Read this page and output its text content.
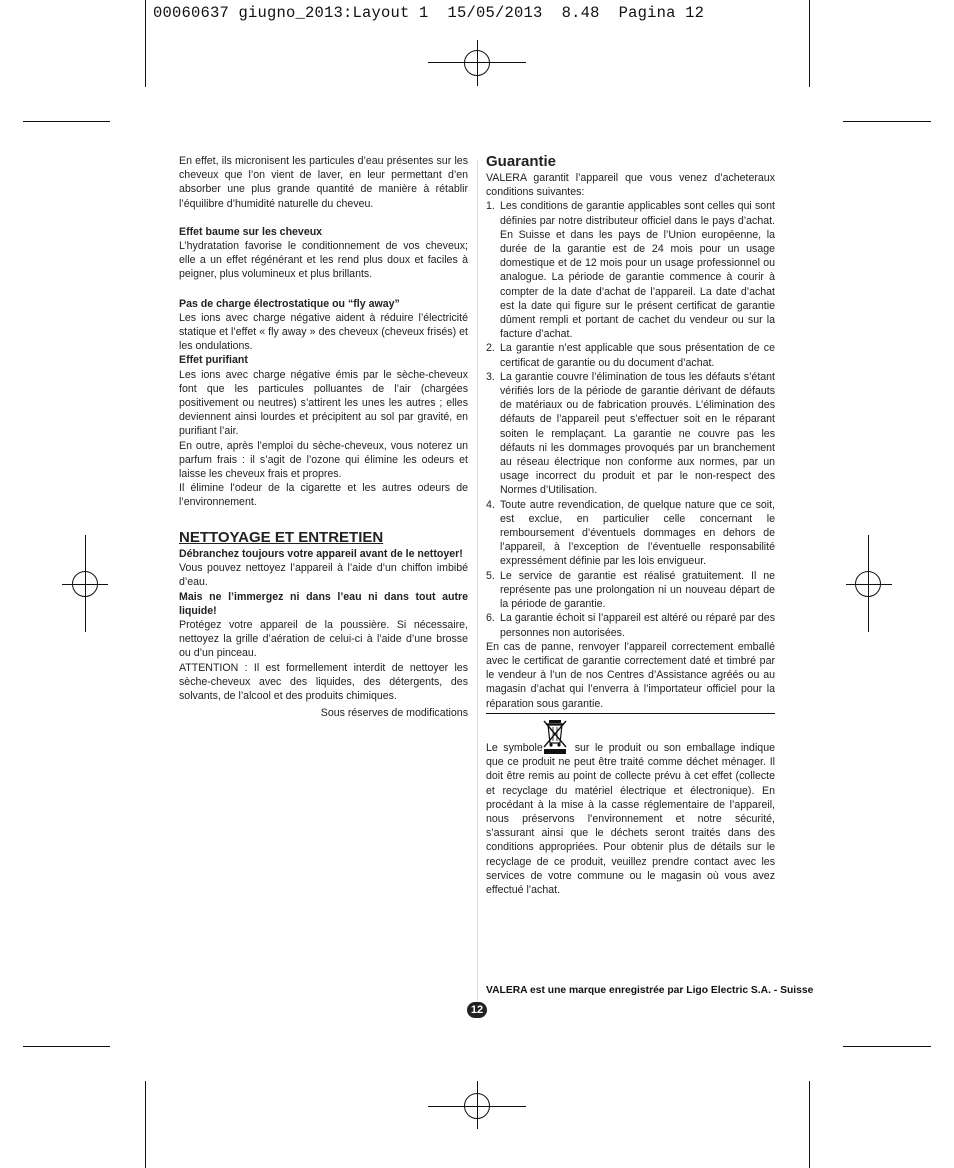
00060637 giugno_2013:Layout 1  15/05/2013  8.48  Pagina 12

En effet, ils micronisent les particules d’eau présentes sur les cheveux que l’on vient de laver, en leur permettant d’en absorber une plus grande quantité de manière à rétablir l’équilibre d’humidité naturelle du cheveu.

Effet baume sur les cheveux

L’hydratation favorise le conditionnement de vos cheveux; elle a un effet régénérant et les rend plus doux et faciles à peigner, plus volumineux et plus brillants.

Pas de charge électrostatique ou “fly away”

Les ions avec charge négative aident à réduire l’électricité statique et l’effet « fly away » des cheveux (cheveux frisés) et les ondulations.

Effet purifiant

Les ions avec charge négative émis par le sèche-cheveux font que les particules polluantes de l’air (chargées positivement ou neutres) s’attirent les unes les autres ; elles deviennent ainsi lourdes et précipitent au sol par gravité, en purifiant l’air.

En outre, après l’emploi du sèche-cheveux, vous noterez un parfum frais : il s’agit de l’ozone qui élimine les odeurs et laisse les cheveux frais et propres.

Il élimine l’odeur de la cigarette et les autres odeurs de l’environnement.

NETTOYAGE ET ENTRETIEN

Débranchez toujours votre appareil avant de le nettoyer!

Vous pouvez nettoyez l’appareil à l’aide d’un chiffon imbibé d’eau.

Mais ne l’immergez ni dans l’eau ni dans tout autre liquide!

Protégez votre appareil de la poussière. Si nécessaire, nettoyez la grille d’aération de celui-ci à l’aide d’une brosse ou d’un pinceau.

ATTENTION : Il est formellement interdit de nettoyer les sèche-cheveux avec des liquides, des détergents, des solvants, de l’alcool et des produits chimiques.

Sous réserves de modifications

Guarantie

VALERA garantit l’appareil que vous venez d’acheteraux conditions suivantes:

1. Les conditions de garantie applicables sont celles qui sont définies par notre distributeur officiel dans le pays d’achat. En Suisse et dans les pays de l’Union européenne, la durée de la garantie est de 24 mois pour un usage domestique et de 12 mois pour un usage professionnel ou analogue. La période de garantie commence à courir à compter de la date d’achat de l’appareil. La date d’achat est la date qui figure sur le présent certificat de garantie dûment rempli et portant de cachet du vendeur ou sur la facture d’achat.
2. La garantie n’est applicable que sous présentation de ce certificat de garantie ou du document d’achat.
3. La garantie couvre l’élimination de tous les défauts s’étant vérifiés lors de la période de garantie dérivant de défauts de matériaux ou de fabrication prouvés. L’élimination des défauts de l’appareil peut s’effectuer soit en le réparant soiten le remplaçant. La garantie ne couvre pas les défauts ni les dommages provoqués par un branchement au réseau électrique non conforme aux normes, par un usage incorrect du produit et par le non-respect des Normes d’Utilisation.
4. Toute autre revendication, de quelque nature que ce soit, est exclue, en particulier celle concernant le remboursement d’éventuels dommages en dehors de l’appareil, à l’exception de l’éventuelle responsabilité expressément définie par les lois envigueur.
5. Le service de garantie est réalisé gratuitement. Il ne représente pas une prolongation ni un nouveau départ de la période de garantie.
6. La garantie échoit si l’appareil est altéré ou réparé par des personnes non autorisées.

En cas de panne, renvoyer l’appareil correctement emballé avec le certificat de garantie correctement daté et timbré par le vendeur à l’un de nos Centres d’Assistance agréés ou au magasin d’achat qui l’enverra à l’importateur officiel pour la réparation sous garantie.

Le symbole	sur le produit ou son emballage indique que ce produit ne peut être traité comme déchet ménager. Il doit être remis au point de collecte prévu à cet effet (collecte et recyclage du matériel électrique et électronique). En procédant à la mise à la casse réglementaire de l’appareil, nous préservons l’environnement et notre sécurité, s’assurant ainsi que le déchets seront traités dans des conditions appropriées. Pour obtenir plus de détails sur le recyclage de ce produit, veuillez prendre contact avec les services de votre commune ou le magasin où vous avez effectué l’achat.

VALERA est une marque enregistrée par Ligo Electric S.A. - Suisse
12
